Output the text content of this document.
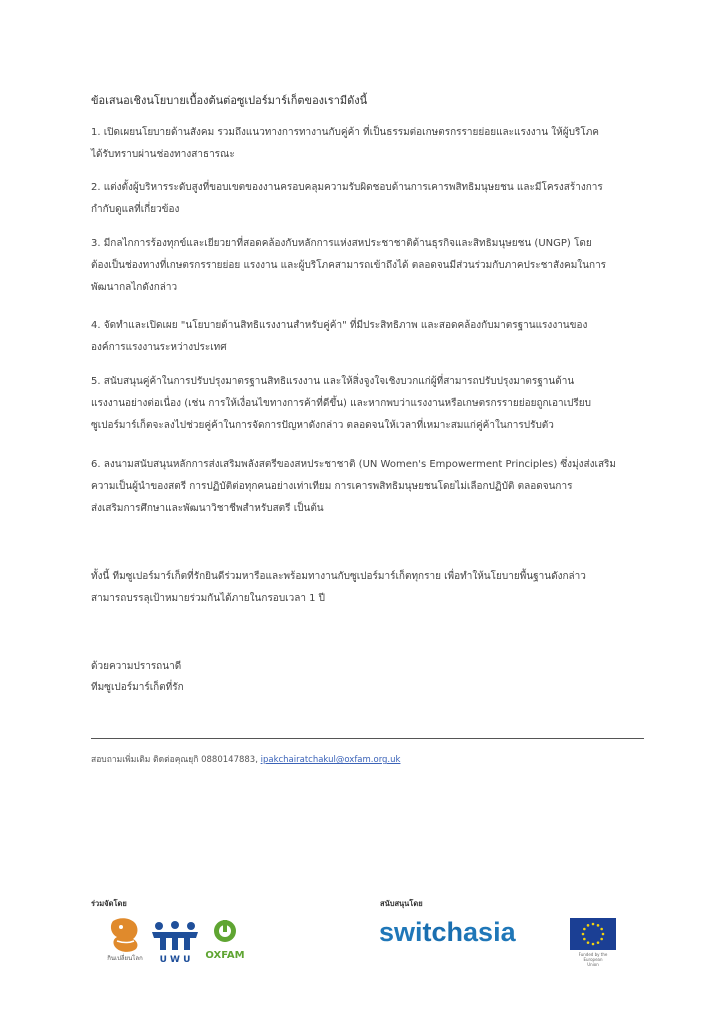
ข้อเสนอเชิงนโยบายเบื้องต้นต่อซูเปอร์มาร์เก็ตของเรามีดังนี้
1. เปิดเผยนโยบายด้านสังคม รวมถึงแนวทางการทางานกับคู่ค้า ที่เป็นธรรมต่อเกษตรกรรายย่อยและแรงงาน ให้ผู้บริโภค
ได้รับทราบผ่านช่องทางสาธารณะ
2. แต่งตั้งผู้บริหารระดับสูงที่ขอบเขตของงานครอบคลุมความรับผิดชอบด้านการเคารพสิทธิมนุษยชน และมีโครงสร้างการ
กำกับดูแลที่เกี่ยวข้อง
3. มีกลไกการร้องทุกข์และเยียวยาที่สอดคล้องกับหลักการแห่งสหประชาชาติด้านธุรกิจและสิทธิมนุษยชน (UNGP) โดย
ต้องเป็นช่องทางที่เกษตรกรรายย่อย แรงงาน และผู้บริโภคสามารถเข้าถึงได้ ตลอดจนมีส่วนร่วมกับภาคประชาสังคมในการ
พัฒนากลไกดังกล่าว
4. จัดทำและเปิดเผย "นโยบายด้านสิทธิแรงงานสำหรับคู่ค้า" ที่มีประสิทธิภาพ และสอดคล้องกับมาตรฐานแรงงานของ
องค์การแรงงานระหว่างประเทศ
5. สนับสนุนคู่ค้าในการปรับปรุงมาตรฐานสิทธิแรงงาน และให้สิ่งจูงใจเชิงบวกแก่ผู้ที่สามารถปรับปรุงมาตรฐานด้าน
แรงงานอย่างต่อเนื่อง (เช่น การให้เงื่อนไขทางการค้าที่ดีขึ้น) และหากพบว่าแรงงานหรือเกษตรกรรายย่อยถูกเอาเปรียบ
ซูเปอร์มาร์เก็ตจะลงไปช่วยคู่ค้าในการจัดการปัญหาดังกล่าว ตลอดจนให้เวลาที่เหมาะสมแก่คู่ค้าในการปรับตัว
6. ลงนามสนับสนุนหลักการส่งเสริมพลังสตรีของสหประชาชาติ (UN Women's Empowerment Principles) ซึ่งมุ่งส่งเสริม
ความเป็นผู้นำของสตรี การปฏิบัติต่อทุกคนอย่างเท่าเทียม การเคารพสิทธิมนุษยชนโดยไม่เลือกปฏิบัติ ตลอดจนการ
ส่งเสริมการศึกษาและพัฒนาวิชาชีพสำหรับสตรี เป็นต้น
ทั้งนี้ ทีมซูเปอร์มาร์เก็ตที่รักยินดีร่วมหารือและพร้อมทางานกับซูเปอร์มาร์เก็ตทุกราย เพื่อทำให้นโยบายพื้นฐานดังกล่าว
สามารถบรรลุเป้าหมายร่วมกันได้ภายในกรอบเวลา 1 ปี
ด้วยความปรารถนาดี
ทีมซูเปอร์มาร์เก็ตที่รัก
สอบถามเพิ่มเติม ติดต่อคุณยุกิ 0880147883, ipakchairatchakul@oxfam.org.uk
ร่วมจัดโดย	สนับสนุนโดย
กินเปลี่ยนโลก U W U OXFAM
switchasia
Funded by the European Union
